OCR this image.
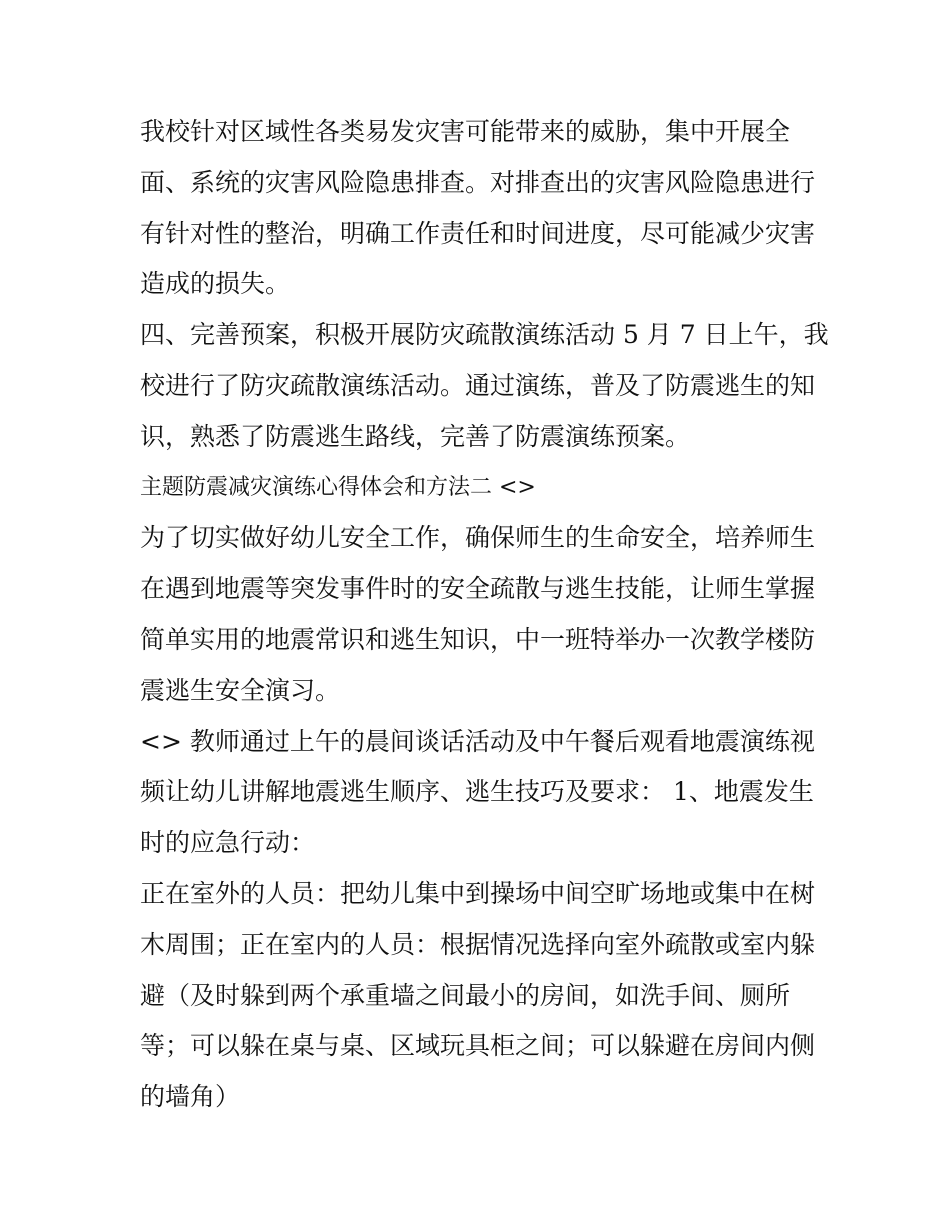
我校针对区域性各类易发灾害可能带来的威胁，集中开展全
面、系统的灾害风险隐患排查。对排查出的灾害风险隐患进行
有针对性的整治，明确工作责任和时间进度，尽可能减少灾害
造成的损失。
四、完善预案，积极开展防灾疏散演练活动 5 月 7 日上午，我
校进行了防灾疏散演练活动。通过演练，普及了防震逃生的知
识，熟悉了防震逃生路线，完善了防震演练预案。
主题防震减灾演练心得体会和方法二 <>
为了切实做好幼儿安全工作，确保师生的生命安全，培养师生
在遇到地震等突发事件时的安全疏散与逃生技能，让师生掌握
简单实用的地震常识和逃生知识，中一班特举办一次教学楼防
震逃生安全演习。
<> 教师通过上午的晨间谈话活动及中午餐后观看地震演练视
频让幼儿讲解地震逃生顺序、逃生技巧及要求： 1、地震发生
时的应急行动：
正在室外的人员：把幼儿集中到操场中间空旷场地或集中在树
木周围；正在室内的人员：根据情况选择向室外疏散或室内躲
避（及时躲到两个承重墙之间最小的房间，如洗手间、厕所
等；可以躲在桌与桌、区域玩具柜之间；可以躲避在房间内侧
的墙角）
